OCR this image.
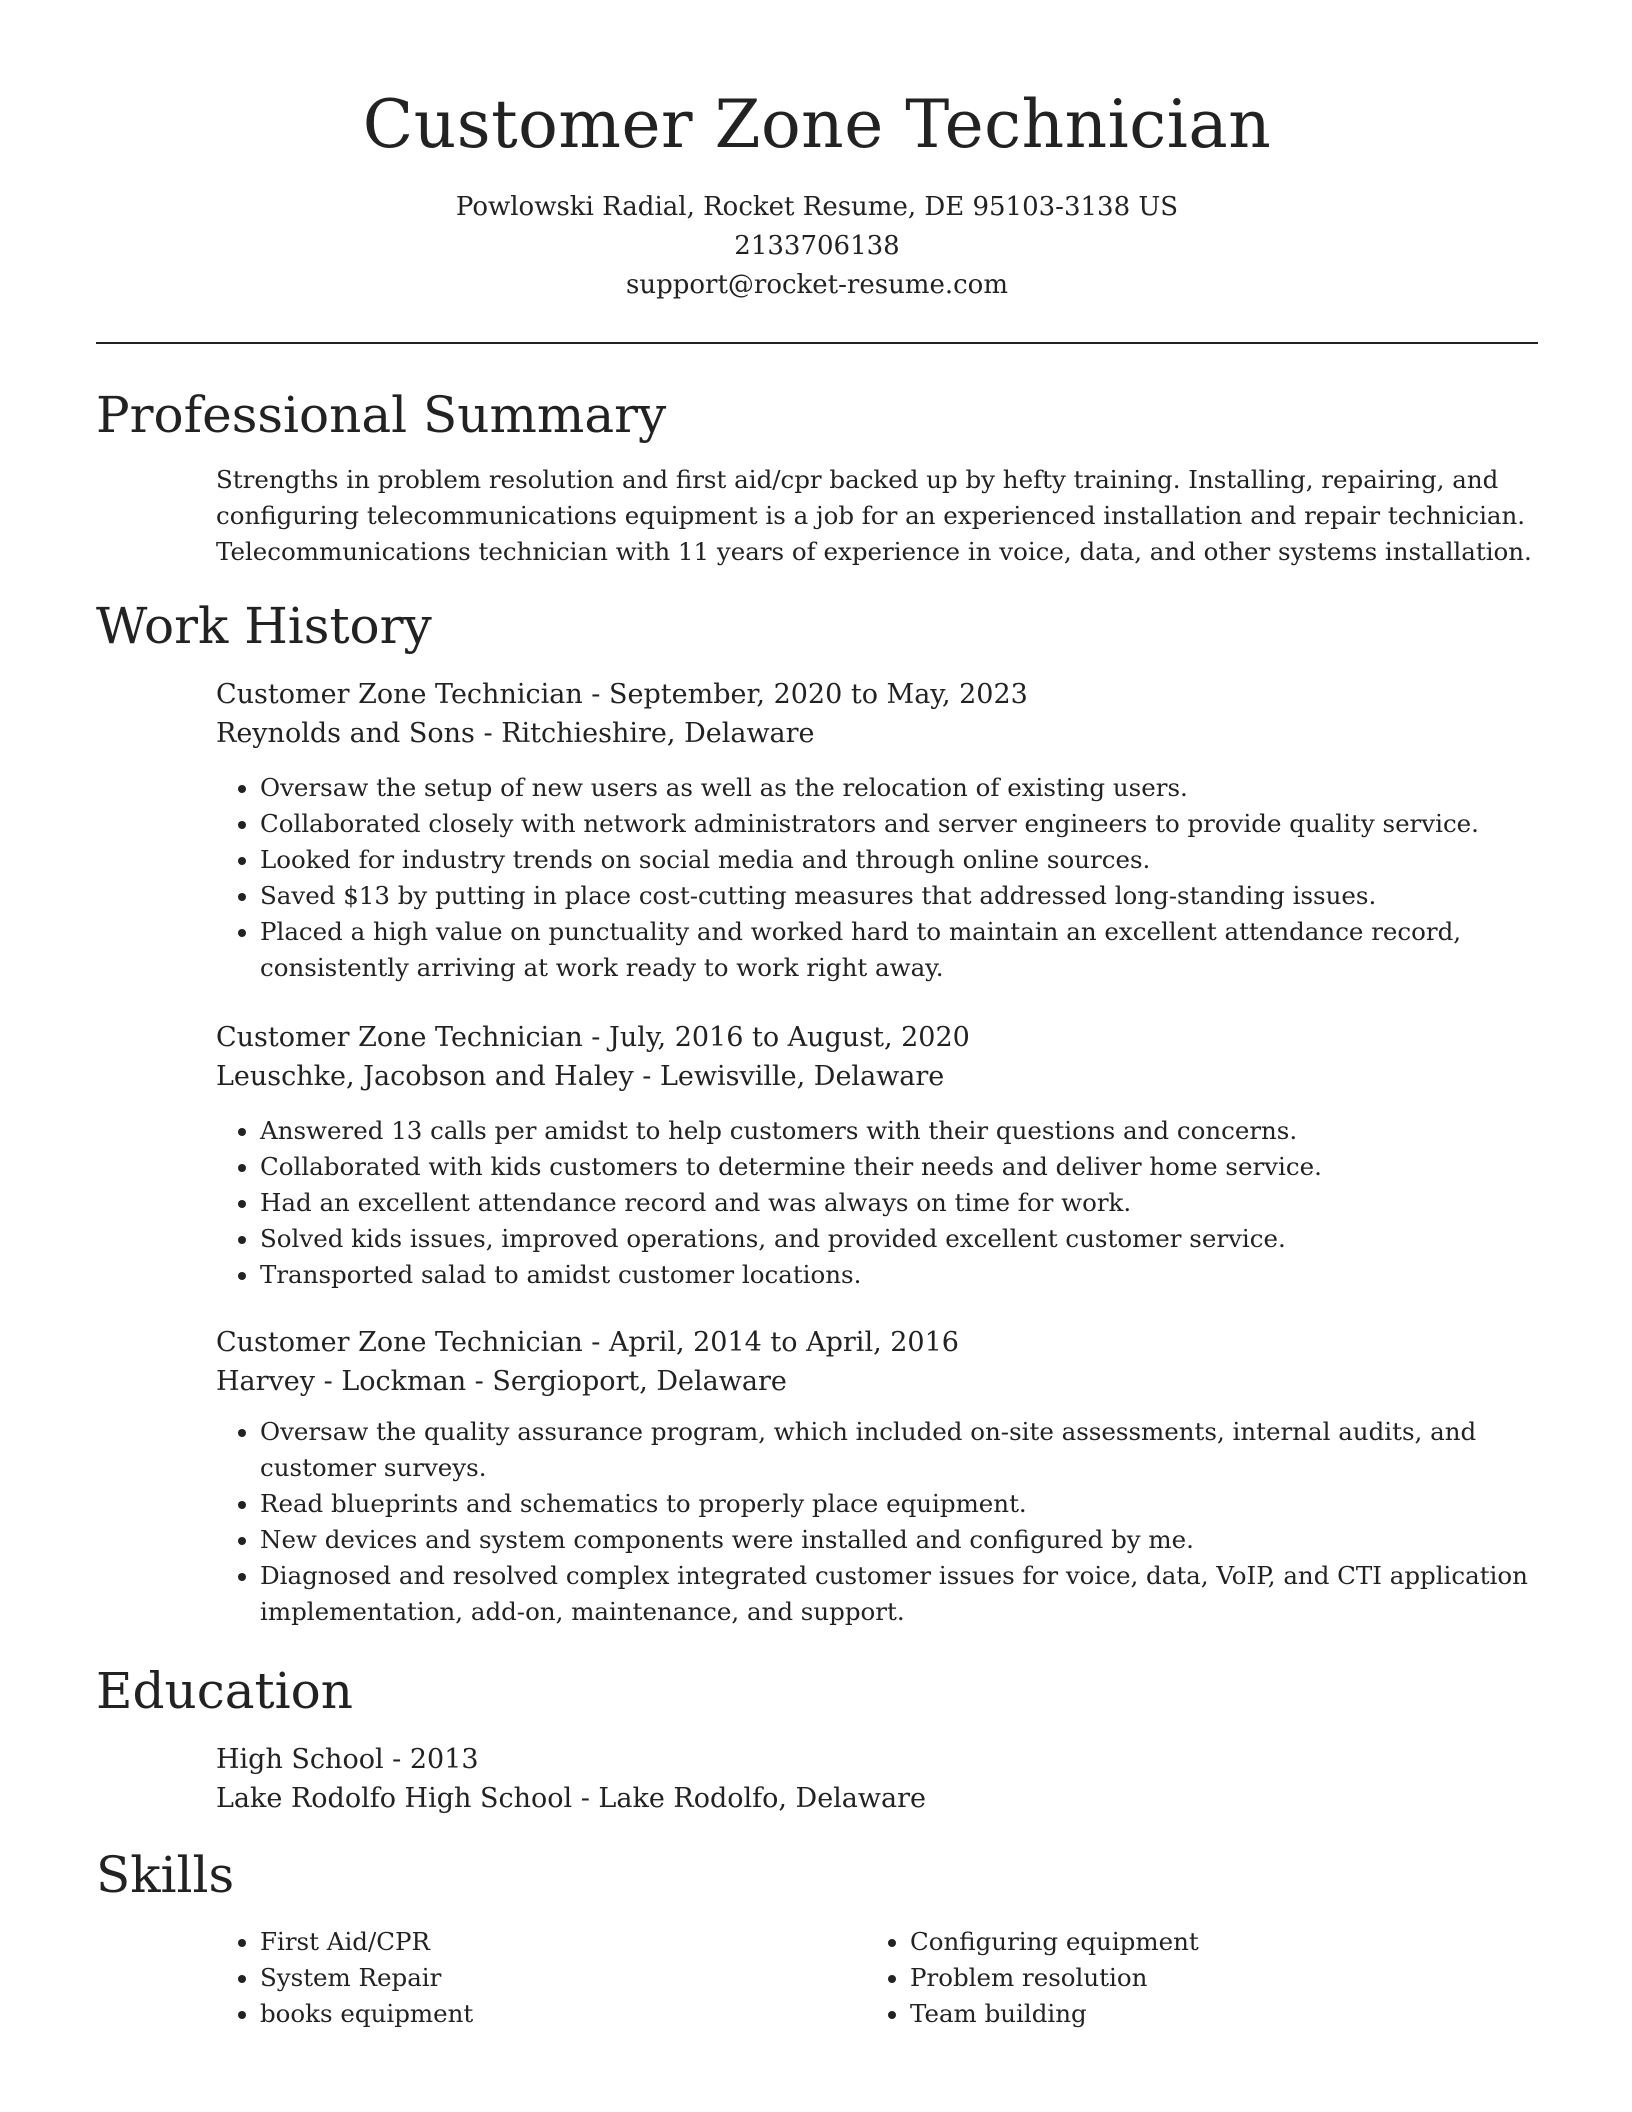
Customer Zone Technician
Powlowski Radial, Rocket Resume, DE 95103-3138 US
2133706138
support@rocket-resume.com
Professional Summary
Strengths in problem resolution and first aid/cpr backed up by hefty training. Installing, repairing, and configuring telecommunications equipment is a job for an experienced installation and repair technician. Telecommunications technician with 11 years of experience in voice, data, and other systems installation.
Work History
Customer Zone Technician - September, 2020 to May, 2023
Reynolds and Sons - Ritchieshire, Delaware
• Oversaw the setup of new users as well as the relocation of existing users.
• Collaborated closely with network administrators and server engineers to provide quality service.
• Looked for industry trends on social media and through online sources.
• Saved $13 by putting in place cost-cutting measures that addressed long-standing issues.
• Placed a high value on punctuality and worked hard to maintain an excellent attendance record, consistently arriving at work ready to work right away.
Customer Zone Technician - July, 2016 to August, 2020
Leuschke, Jacobson and Haley - Lewisville, Delaware
• Answered 13 calls per amidst to help customers with their questions and concerns.
• Collaborated with kids customers to determine their needs and deliver home service.
• Had an excellent attendance record and was always on time for work.
• Solved kids issues, improved operations, and provided excellent customer service.
• Transported salad to amidst customer locations.
Customer Zone Technician - April, 2014 to April, 2016
Harvey - Lockman - Sergioport, Delaware
• Oversaw the quality assurance program, which included on-site assessments, internal audits, and customer surveys.
• Read blueprints and schematics to properly place equipment.
• New devices and system components were installed and configured by me.
• Diagnosed and resolved complex integrated customer issues for voice, data, VoIP, and CTI application implementation, add-on, maintenance, and support.
Education
High School - 2013
Lake Rodolfo High School - Lake Rodolfo, Delaware
Skills
• First Aid/CPR
• System Repair
• books equipment
• Configuring equipment
• Problem resolution
• Team building
